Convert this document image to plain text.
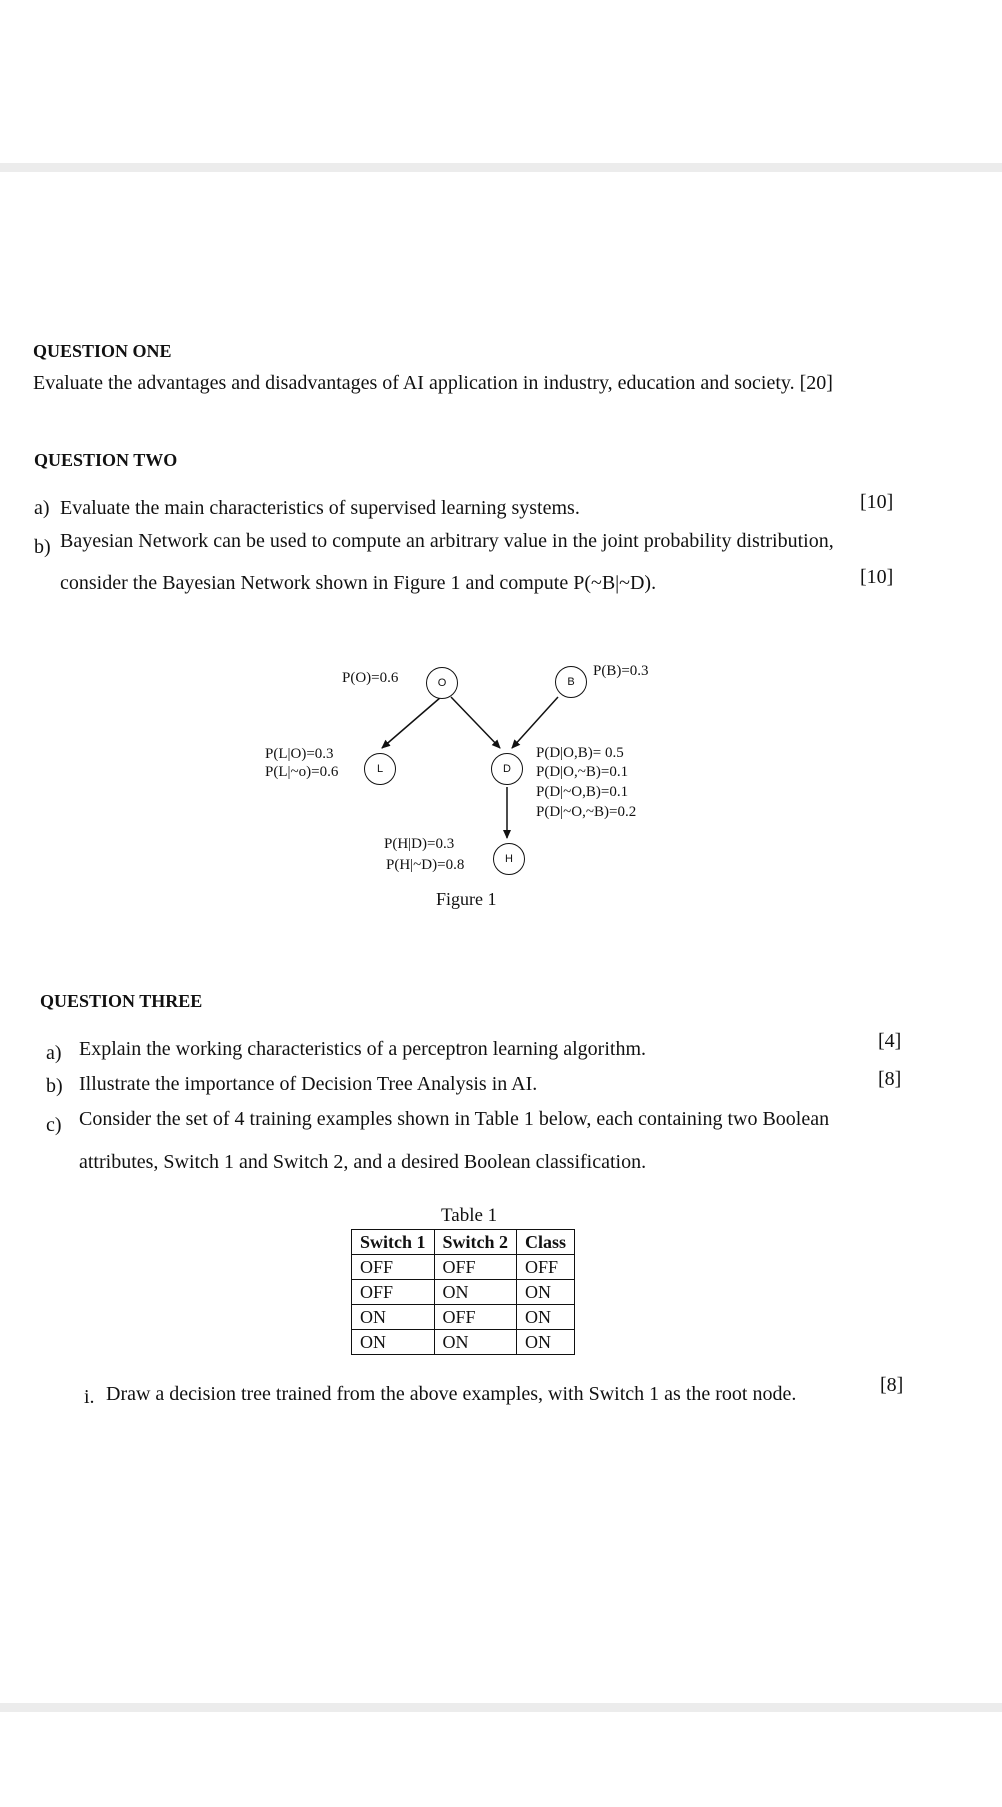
QUESTION ONE
Evaluate the advantages and disadvantages of AI application in industry, education and society. [20]
QUESTION TWO
a) Evaluate the main characteristics of supervised learning systems.	[10]
b) Bayesian Network can be used to compute an arbitrary value in the joint probability distribution,
consider the Bayesian Network shown in Figure 1 and compute P(~B|~D).	[10]
O	B
L	D
H
P(O)=0.6	P(B)=0.3
P(L|O)=0.3
P(L|~o)=0.6
P(D|O,B)= 0.5
P(D|O,~B)=0.1
P(D|~O,B)=0.1
P(D|~O,~B)=0.2
P(H|D)=0.3
P(H|~D)=0.8
Figure 1
QUESTION THREE
a) Explain the working characteristics of a perceptron learning algorithm.	[4]
b) Illustrate the importance of Decision Tree Analysis in AI.	[8]
c) Consider the set of 4 training examples shown in Table 1 below, each containing two Boolean
attributes, Switch 1 and Switch 2, and a desired Boolean classification.
Table 1
Switch 1	Switch 2	Class
OFF	OFF	OFF
OFF	ON	ON
ON	OFF	ON
ON	ON	ON
i. Draw a decision tree trained from the above examples, with Switch 1 as the root node.	[8]
